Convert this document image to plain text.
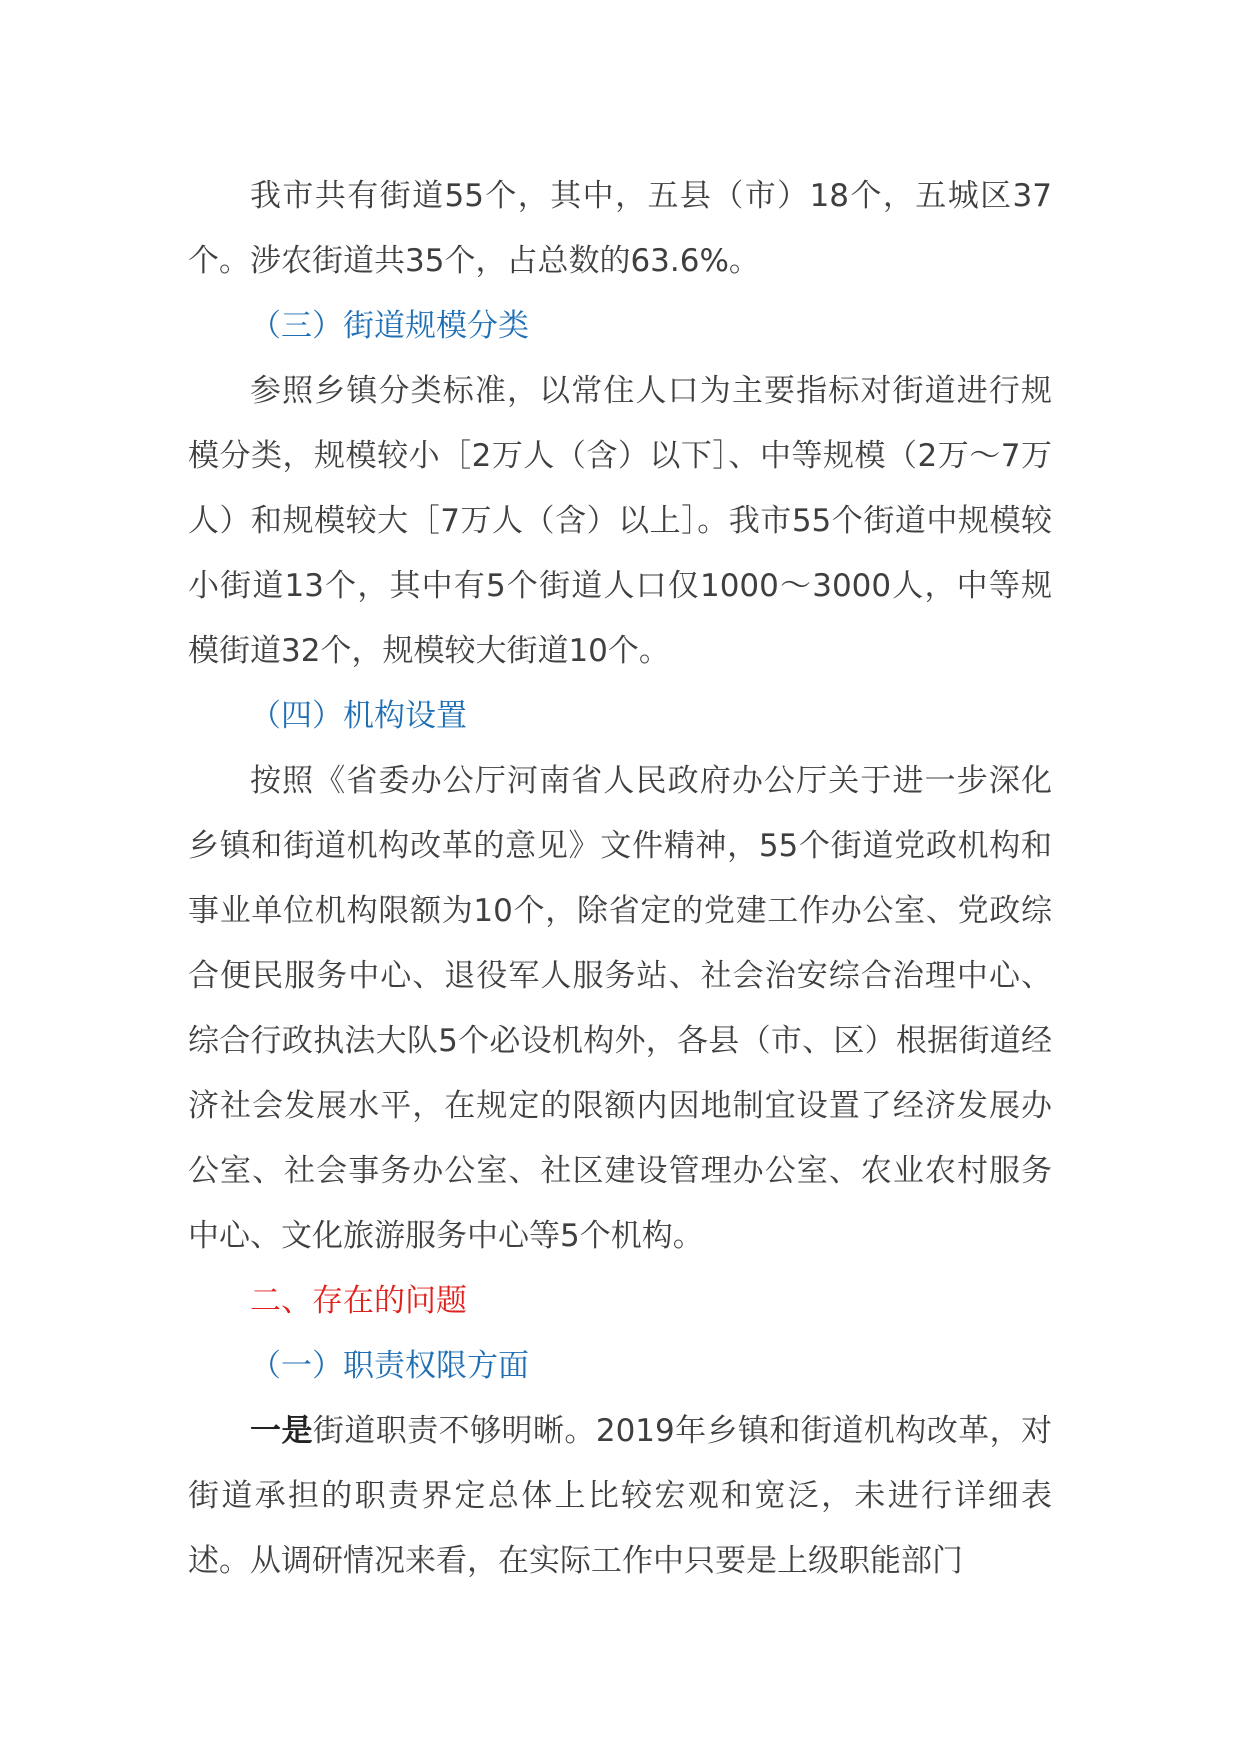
我市共有街道55个，其中，五县（市）18个，五城区37个。涉农街道共35个，占总数的63.6%。

（三）街道规模分类

参照乡镇分类标准，以常住人口为主要指标对街道进行规模分类，规模较小［2万人（含）以下］、中等规模（2万～7万人）和规模较大［7万人（含）以上］。我市55个街道中规模较小街道13个，其中有5个街道人口仅1000～3000人，中等规模街道32个，规模较大街道10个。

（四）机构设置

按照《省委办公厅河南省人民政府办公厅关于进一步深化乡镇和街道机构改革的意见》文件精神，55个街道党政机构和事业单位机构限额为10个，除省定的党建工作办公室、党政综合便民服务中心、退役军人服务站、社会治安综合治理中心、综合行政执法大队5个必设机构外，各县（市、区）根据街道经济社会发展水平，在规定的限额内因地制宜设置了经济发展办公室、社会事务办公室、社区建设管理办公室、农业农村服务中心、文化旅游服务中心等5个机构。

二、存在的问题

（一）职责权限方面

一是街道职责不够明晰。2019年乡镇和街道机构改革，对街道承担的职责界定总体上比较宏观和宽泛，未进行详细表述。从调研情况来看，在实际工作中只要是上级职能部门
